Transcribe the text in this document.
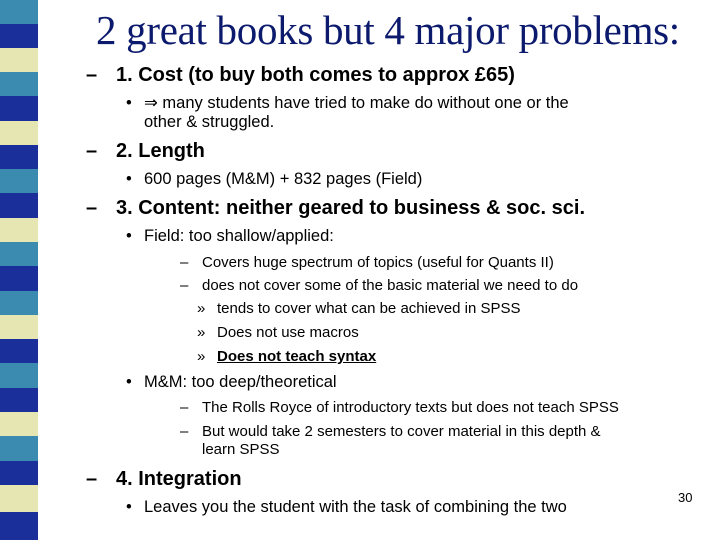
2 great books but 4 major problems:
– 1. Cost (to buy both comes to approx £65)
• ⇒ many students have tried to make do without one or the
other & struggled.
– 2. Length
• 600 pages (M&M) + 832 pages (Field)
– 3. Content: neither geared to business & soc. sci.
• Field: too shallow/applied:
– Covers huge spectrum of topics (useful for Quants II)
– does not cover some of the basic material we need to do
» tends to cover what can be achieved in SPSS
» Does not use macros
» Does not teach syntax
• M&M: too deep/theoretical
– The Rolls Royce of introductory texts but does not teach SPSS
– But would take 2 semesters to cover material in this depth &
learn SPSS
– 4. Integration
• Leaves you the student with the task of combining the two
30
